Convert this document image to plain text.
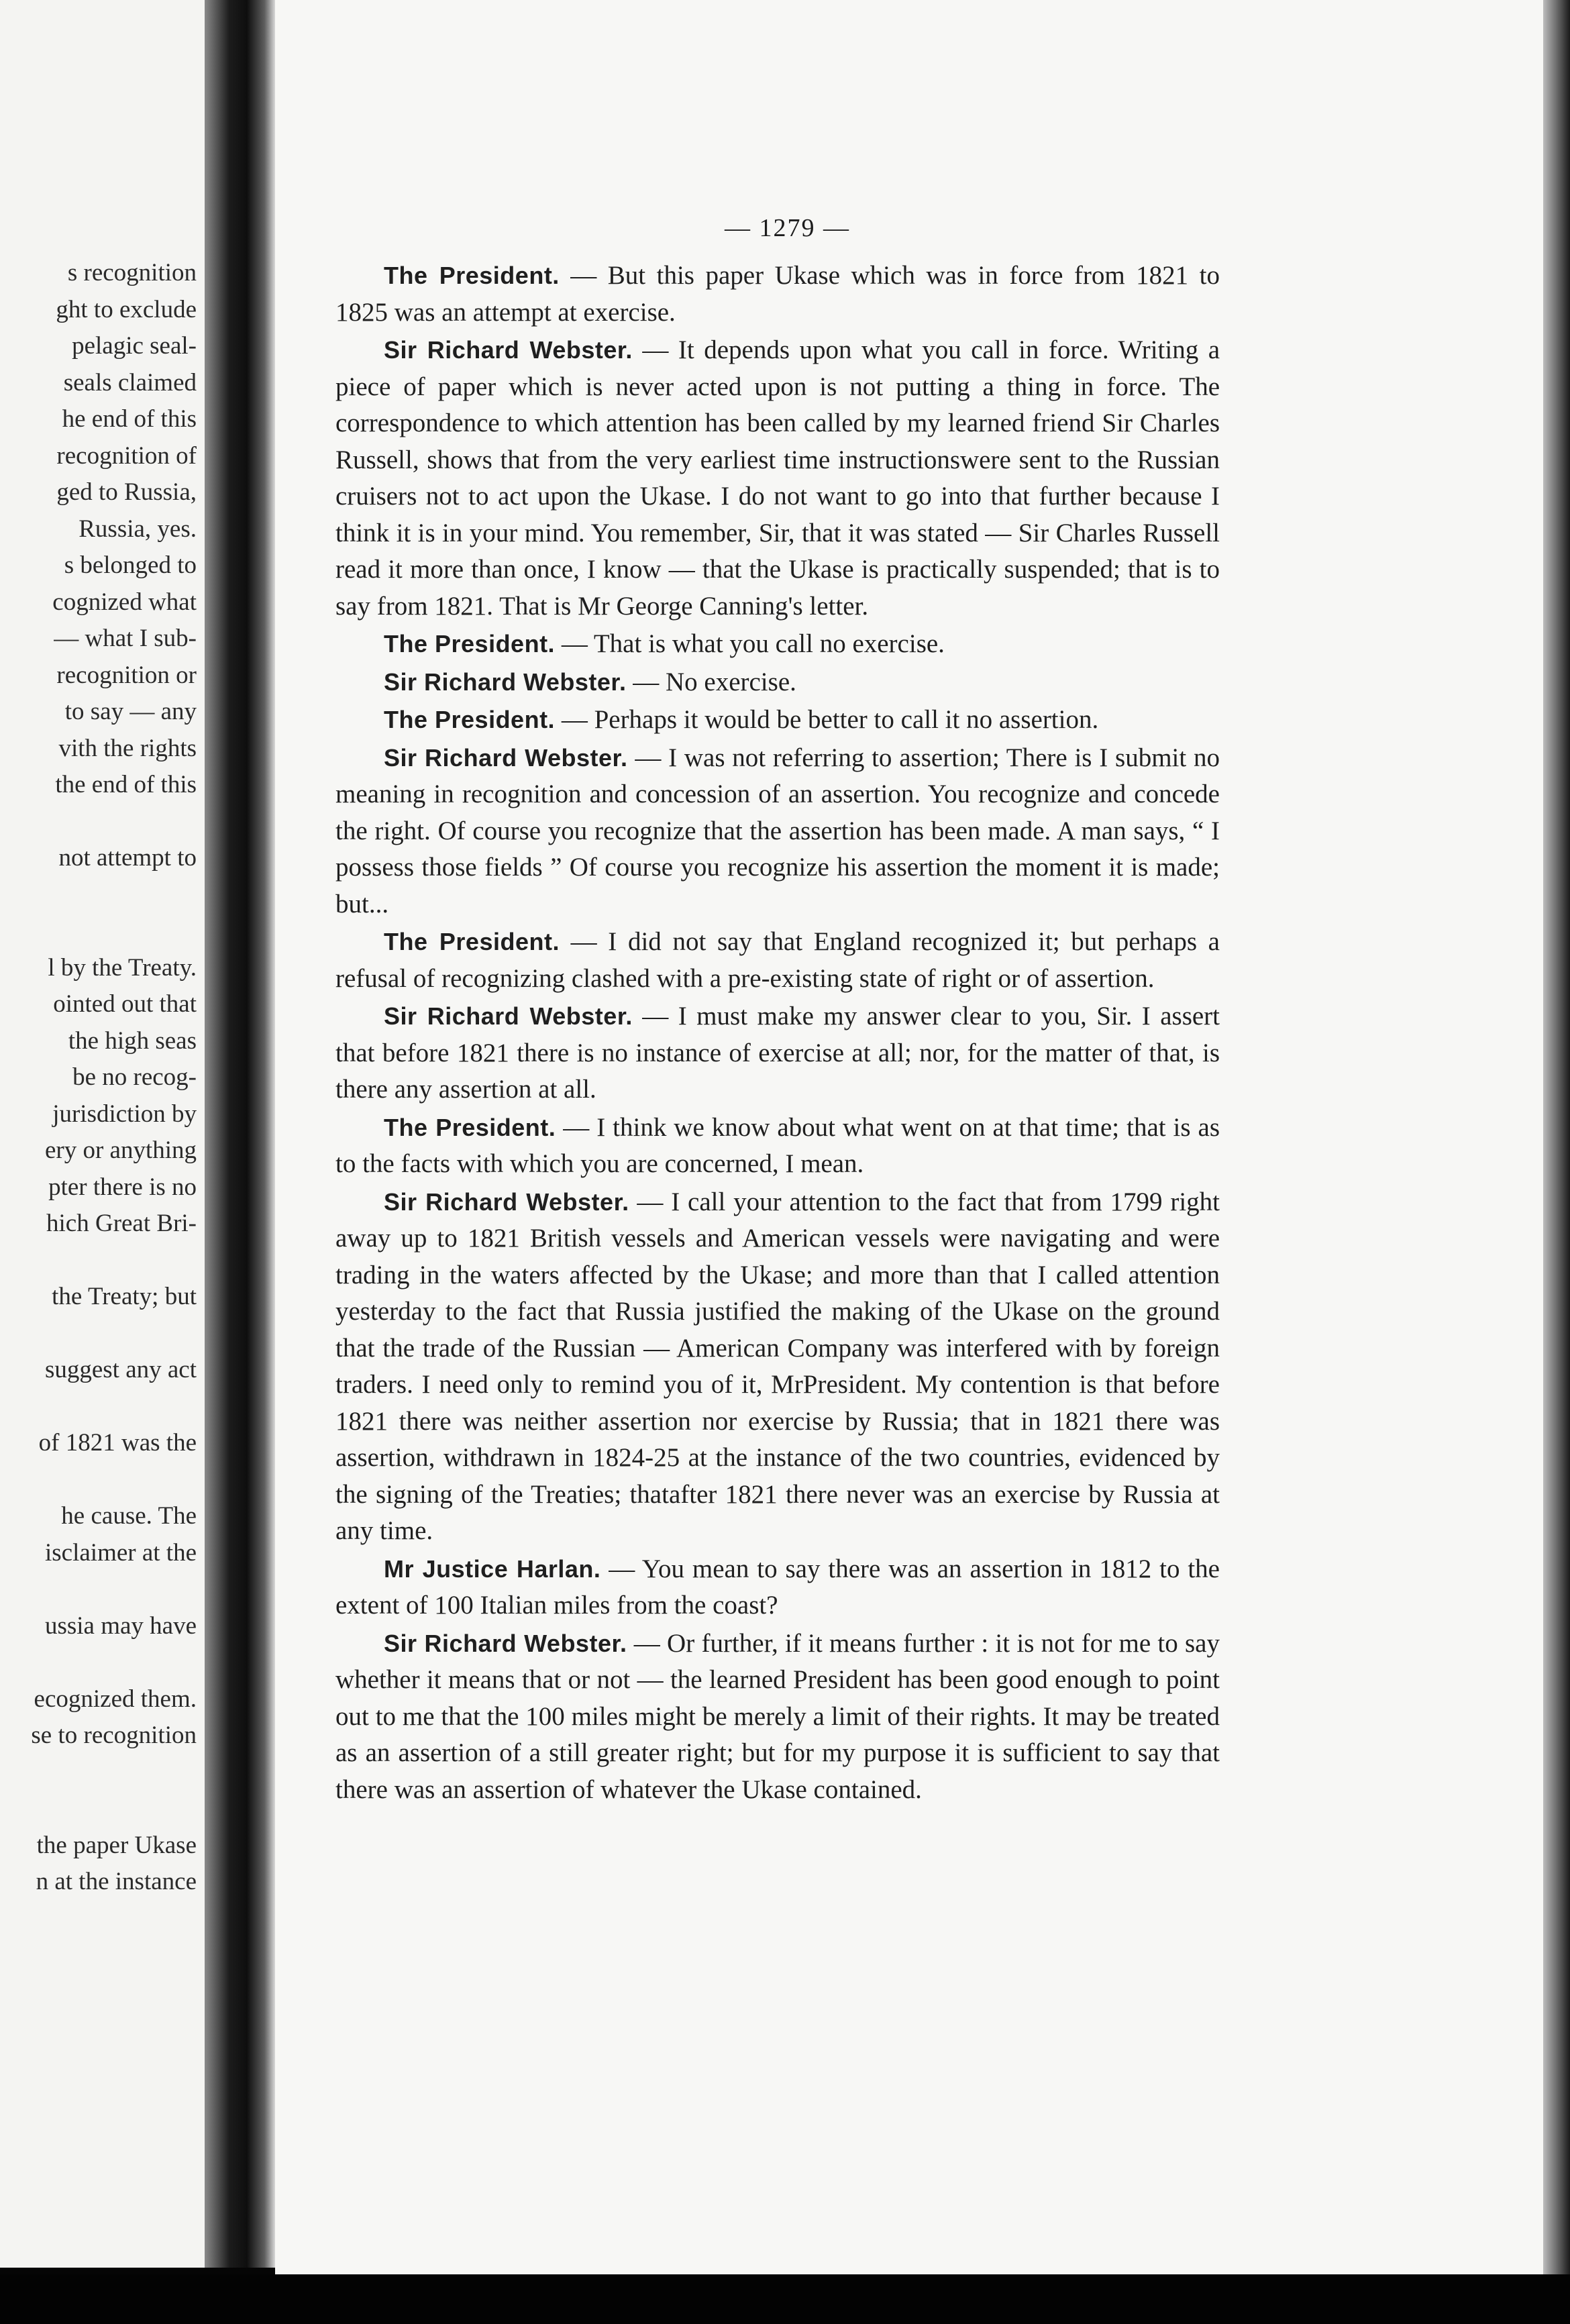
s recognition
ght to exclude
pelagic seal-
seals claimed
he end of this
recognition of
ged to Russia,
Russia, yes.
s belonged to
cognized what
— what I sub-
recognition or
to say — any
vith the rights
the end of this
not attempt to
l by the Treaty.
ointed out that
the high seas
be no recog-
jurisdiction by
ery or anything
pter there is no
hich Great Bri-
the Treaty; but
suggest any act
of 1821 was the
he cause. The
isclaimer at the
ussia may have
ecognized them.
se to recognition
the paper Ukase
n at the instance
— 1279 —

The President. — But this paper Ukase which was in force from 1821 to 1825 was an attempt at exercise.

Sir Richard Webster. — It depends upon what you call in force. Writing a piece of paper which is never acted upon is not putting a thing in force. The correspondence to which attention has been called by my learned friend Sir Charles Russell, shows that from the very earliest time instructionswere sent to the Russian cruisers not to act upon the Ukase. I do not want to go into that further because I think it is in your mind. You remember, Sir, that it was stated — Sir Charles Russell read it more than once, I know — that the Ukase is practically suspended; that is to say from 1821. That is Mr George Canning's letter.

The President. — That is what you call no exercise.

Sir Richard Webster. — No exercise.

The President. — Perhaps it would be better to call it no assertion.

Sir Richard Webster. — I was not referring to assertion; There is I submit no meaning in recognition and concession of an assertion. You recognize and concede the right. Of course you recognize that the assertion has been made. A man says, “ I possess those fields ” Of course you recognize his assertion the moment it is made; but...

The President. — I did not say that England recognized it; but perhaps a refusal of recognizing clashed with a pre-existing state of right or of assertion.

Sir Richard Webster. — I must make my answer clear to you, Sir. I assert that before 1821 there is no instance of exercise at all; nor, for the matter of that, is there any assertion at all.

The President. — I think we know about what went on at that time; that is as to the facts with which you are concerned, I mean.

Sir Richard Webster. — I call your attention to the fact that from 1799 right away up to 1821 British vessels and American vessels were navigating and were trading in the waters affected by the Ukase; and more than that I called attention yesterday to the fact that Russia justified the making of the Ukase on the ground that the trade of the Russian — American Company was interfered with by foreign traders. I need only to remind you of it, MrPresident. My contention is that before 1821 there was neither assertion nor exercise by Russia; that in 1821 there was assertion, withdrawn in 1824-25 at the instance of the two countries, evidenced by the signing of the Treaties; thatafter 1821 there never was an exercise by Russia at any time.

Mr Justice Harlan. — You mean to say there was an assertion in 1812 to the extent of 100 Italian miles from the coast?

Sir Richard Webster. — Or further, if it means further : it is not for me to say whether it means that or not — the learned President has been good enough to point out to me that the 100 miles might be merely a limit of their rights. It may be treated as an assertion of a still greater right; but for my purpose it is sufficient to say that there was an assertion of whatever the Ukase contained.
